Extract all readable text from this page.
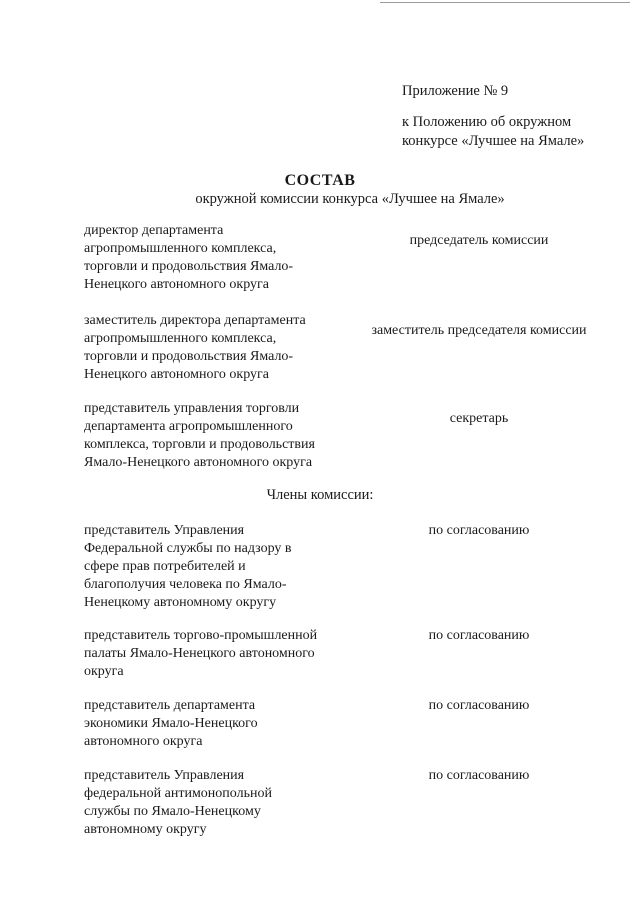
Приложение № 9
к Положению об окружном
конкурсе «Лучшее на Ямале»
СОСТАВ
окружной комиссии конкурса «Лучшее на Ямале»
директор департамента
агропромышленного комплекса,
торговли и продовольствия Ямало-
Ненецкого автономного округа
председатель комиссии
заместитель директора департамента
агропромышленного комплекса,
торговли и продовольствия Ямало-
Ненецкого автономного округа
заместитель председателя комиссии
представитель управления торговли
департамента агропромышленного
комплекса, торговли и продовольствия
Ямало-Ненецкого автономного округа
секретарь
Члены комиссии:
представитель Управления
Федеральной службы по надзору в
сфере прав потребителей и
благополучия человека по Ямало-
Ненецкому автономному округу
по согласованию
представитель торгово-промышленной
палаты Ямало-Ненецкого автономного
округа
по согласованию
представитель департамента
экономики Ямало-Ненецкого
автономного округа
по согласованию
представитель Управления
федеральной антимонопольной
службы по Ямало-Ненецкому
автономному округу
по согласованию
